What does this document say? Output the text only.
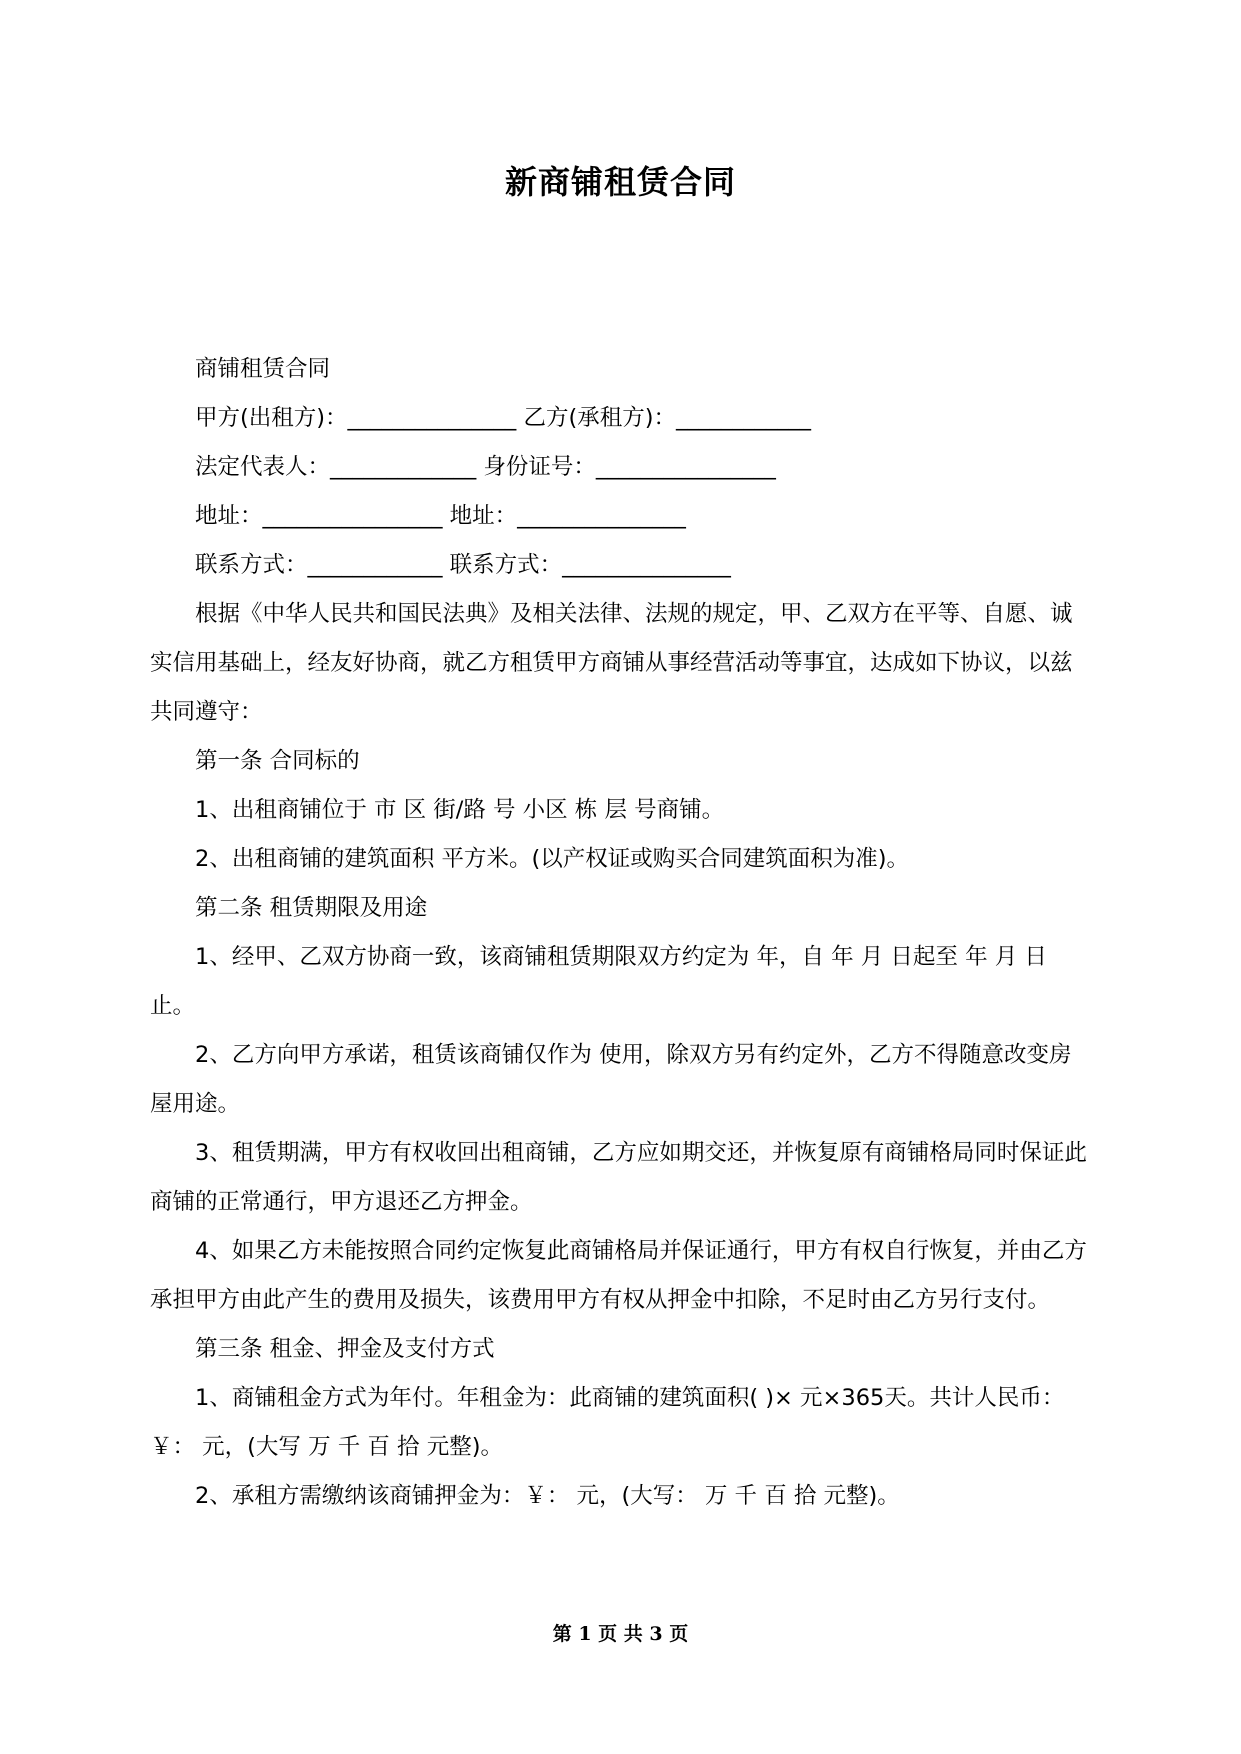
新商铺租赁合同

商铺租赁合同

甲方(出租方)：_______________ 乙方(承租方)：____________

法定代表人：_____________ 身份证号：________________

地址：________________ 地址：_______________

联系方式：____________ 联系方式：_______________

根据《中华人民共和国民法典》及相关法律、法规的规定，甲、乙双方在平等、自愿、诚实信用基础上，经友好协商，就乙方租赁甲方商铺从事经营活动等事宜，达成如下协议，以兹共同遵守：

第一条 合同标的

1、出租商铺位于 市 区 街/路 号 小区 栋 层 号商铺。

2、出租商铺的建筑面积 平方米。(以产权证或购买合同建筑面积为准)。

第二条 租赁期限及用途

1、经甲、乙双方协商一致，该商铺租赁期限双方约定为 年，自 年 月 日起至 年 月 日止。

2、乙方向甲方承诺，租赁该商铺仅作为 使用，除双方另有约定外，乙方不得随意改变房屋用途。

3、租赁期满，甲方有权收回出租商铺，乙方应如期交还，并恢复原有商铺格局同时保证此商铺的正常通行，甲方退还乙方押金。

4、如果乙方未能按照合同约定恢复此商铺格局并保证通行，甲方有权自行恢复，并由乙方承担甲方由此产生的费用及损失，该费用甲方有权从押金中扣除，不足时由乙方另行支付。

第三条 租金、押金及支付方式

1、商铺租金方式为年付。年租金为：此商铺的建筑面积( )× 元×365天。共计人民币：￥： 元，(大写 万 千 百 拾 元整)。

2、承租方需缴纳该商铺押金为：￥： 元，(大写： 万 千 百 拾 元整)。

第 1 页 共 3 页
